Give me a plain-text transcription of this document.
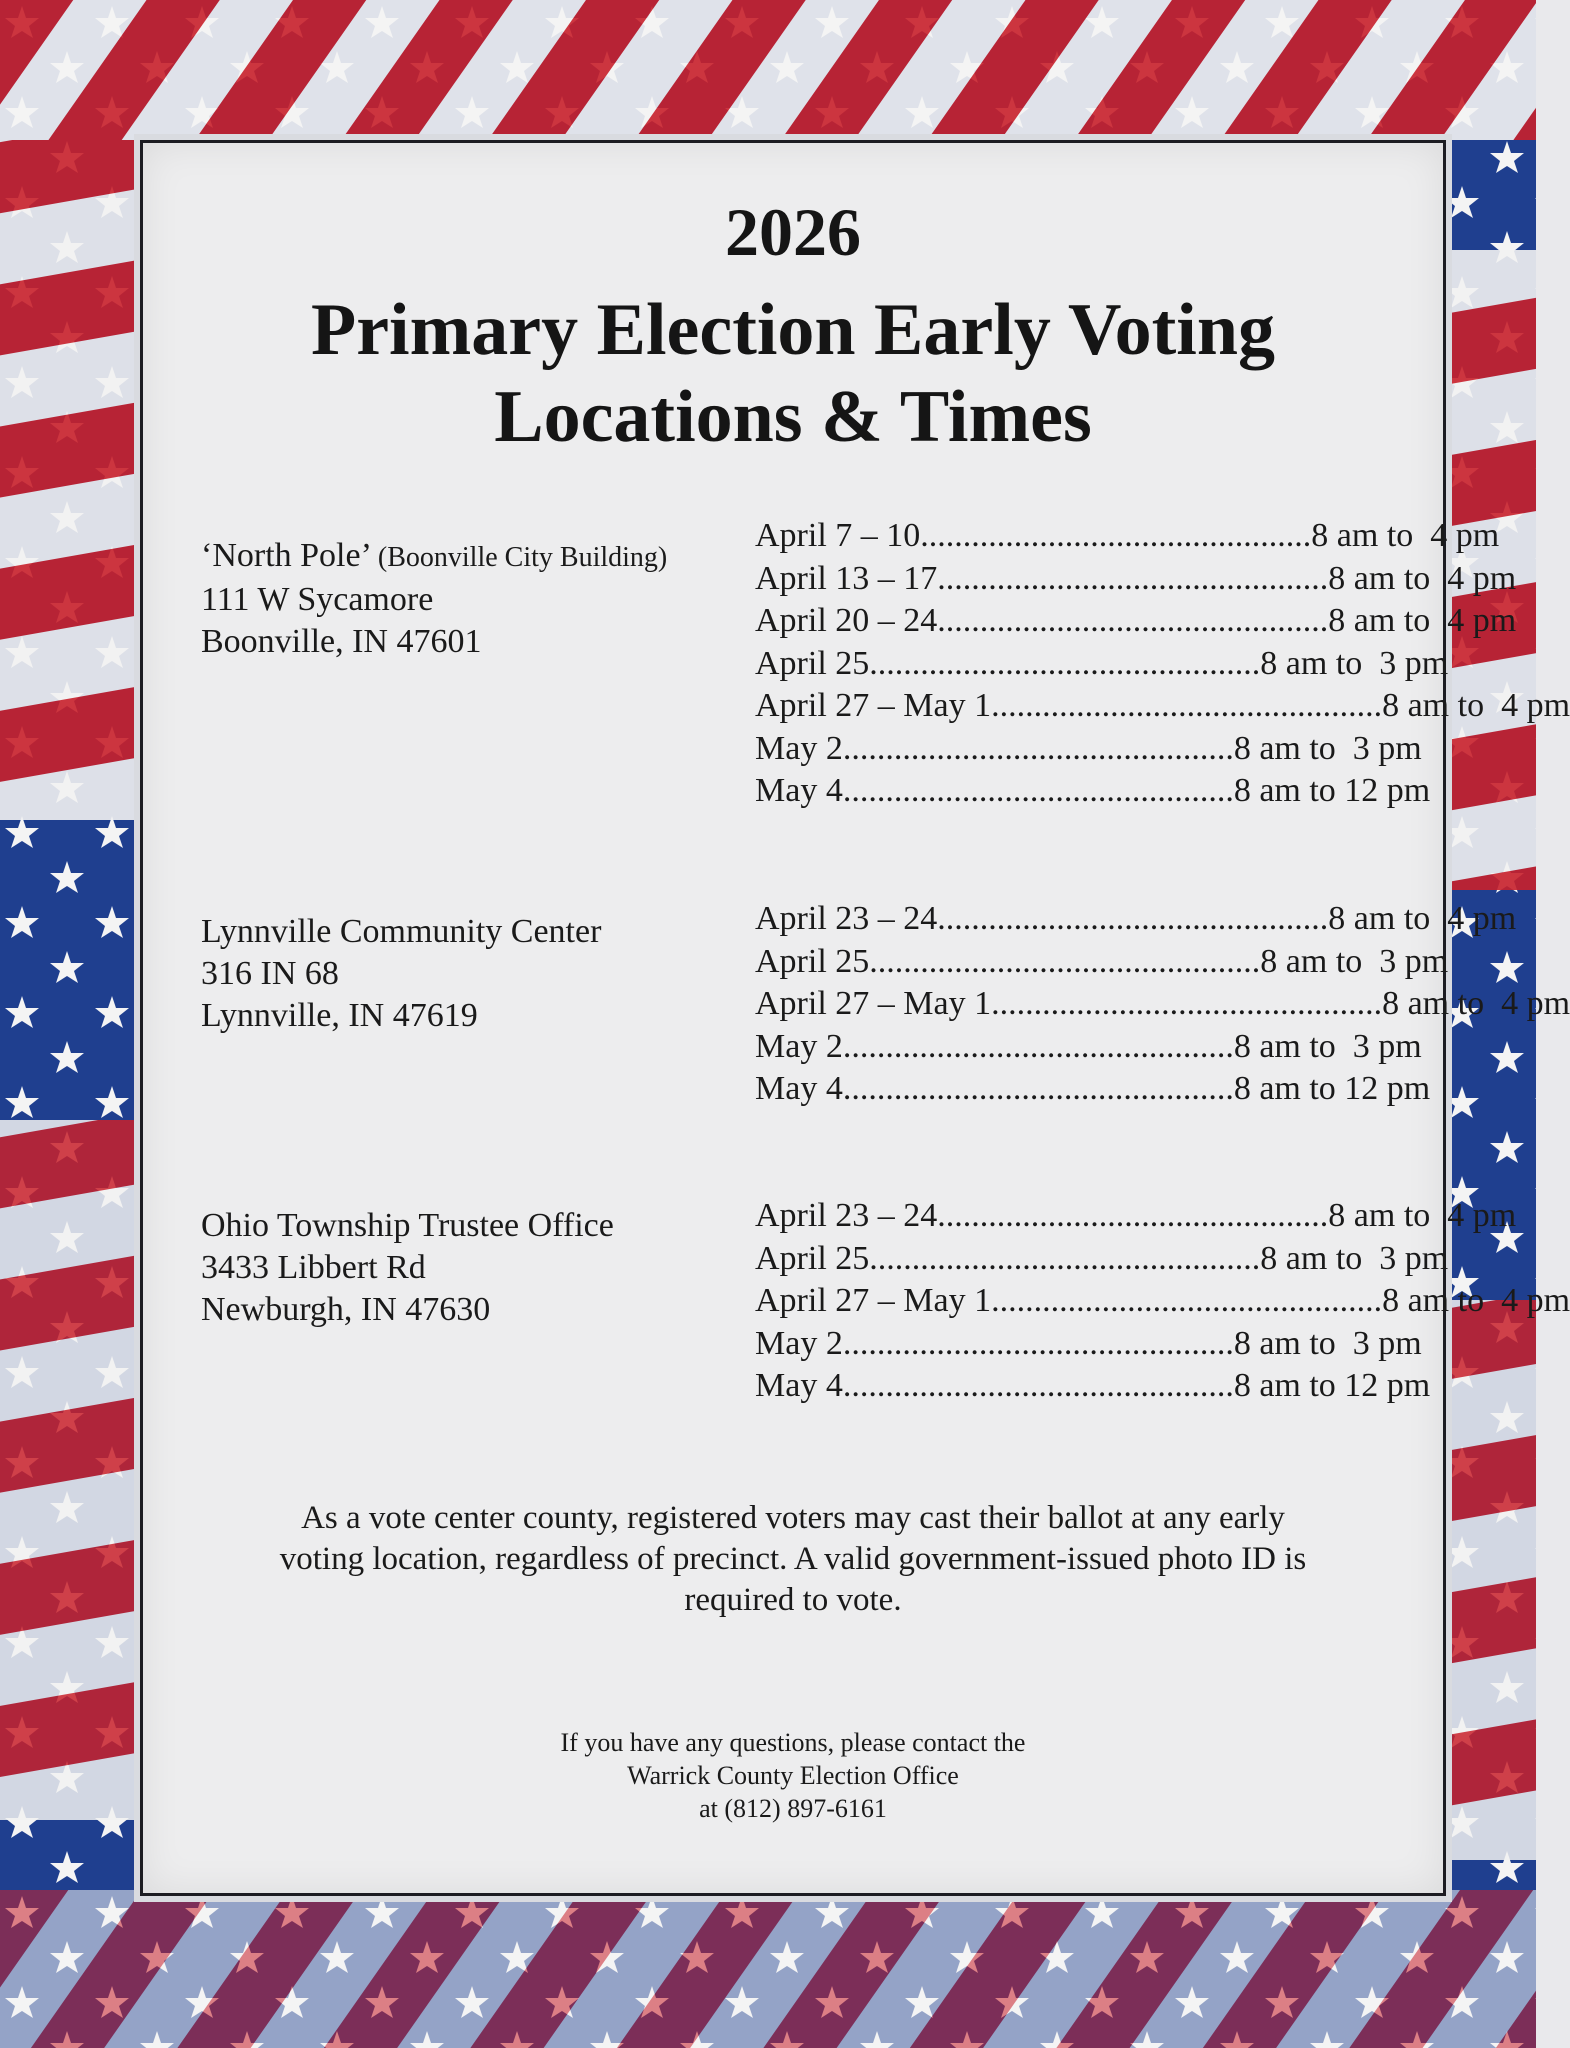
2026
Primary Election Early Voting
Locations & Times
‘North Pole’ (Boonville City Building)
111 W Sycamore
Boonville, IN 47601
April 7 – 10 .............................................. 8 am to  4 pm
April 13 – 17 .............................................. 8 am to  4 pm
April 20 – 24 .............................................. 8 am to  4 pm
April 25 .............................................. 8 am to  3 pm
April 27 – May 1 .............................................. 8 am to  4 pm
May 2 .............................................. 8 am to  3 pm
May 4 .............................................. 8 am to 12 pm
Lynnville Community Center
316 IN 68
Lynnville, IN 47619
April 23 – 24 .............................................. 8 am to  4 pm
April 25 .............................................. 8 am to  3 pm
April 27 – May 1 .............................................. 8 am to  4 pm
May 2 .............................................. 8 am to  3 pm
May 4 .............................................. 8 am to 12 pm
Ohio Township Trustee Office
3433 Libbert Rd
Newburgh, IN 47630
April 23 – 24 .............................................. 8 am to  4 pm
April 25 .............................................. 8 am to  3 pm
April 27 – May 1 .............................................. 8 am to  4 pm
May 2 .............................................. 8 am to  3 pm
May 4 .............................................. 8 am to 12 pm
As a vote center county, registered voters may cast their ballot at any early
voting location, regardless of precinct. A valid government-issued photo ID is
required to vote.
If you have any questions, please contact the
Warrick County Election Office
at (812) 897-6161
